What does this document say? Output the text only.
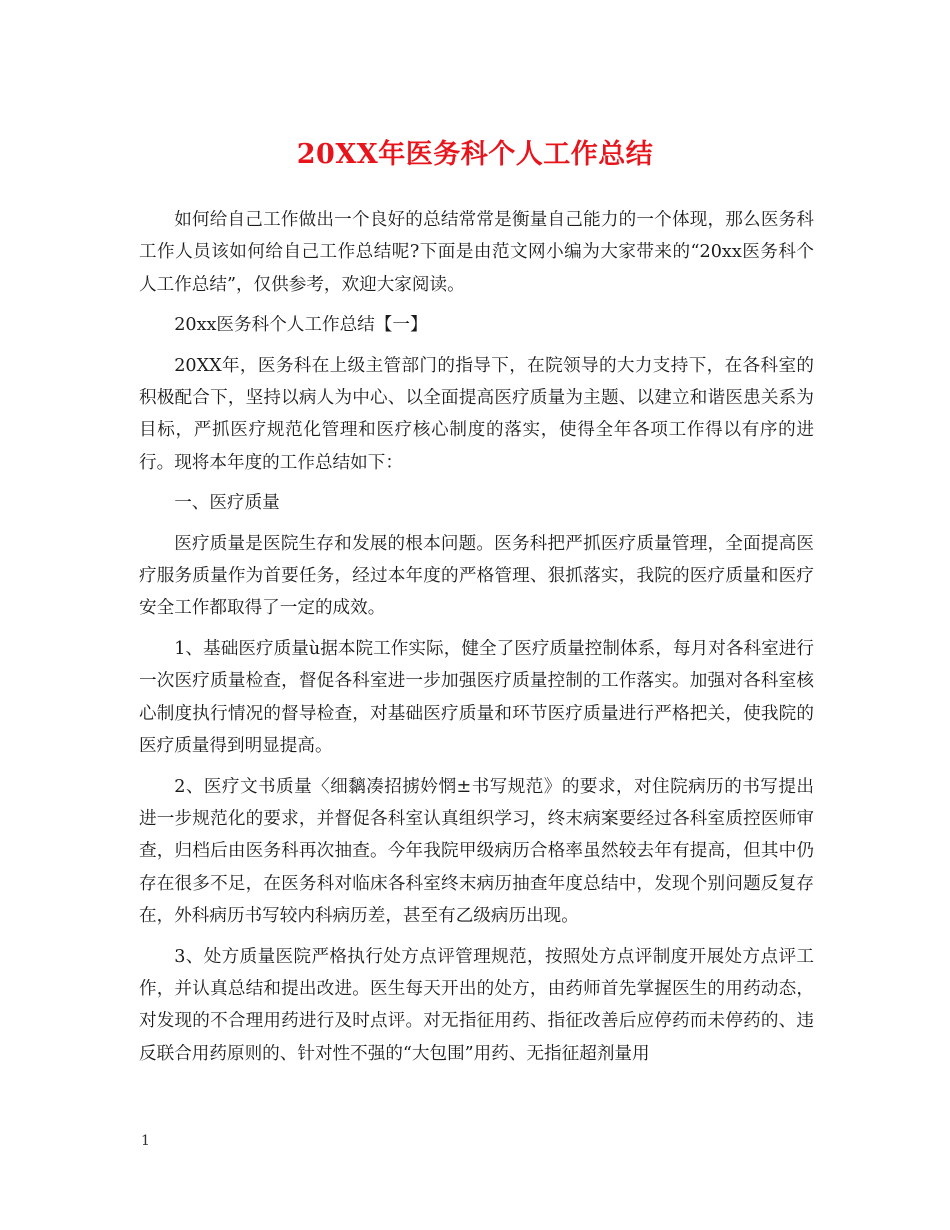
20XX年医务科个人工作总结

如何给自己工作做出一个良好的总结常常是衡量自己能力的一个体现，那么医务科工作人员该如何给自己工作总结呢?下面是由范文网小编为大家带来的“20xx医务科个人工作总结”，仅供参考，欢迎大家阅读。

20xx医务科个人工作总结【一】

20XX年，医务科在上级主管部门的指导下，在院领导的大力支持下，在各科室的积极配合下，坚持以病人为中心、以全面提高医疗质量为主题、以建立和谐医患关系为目标，严抓医疗规范化管理和医疗核心制度的落实，使得全年各项工作得以有序的进行。现将本年度的工作总结如下：

一、医疗质量

医疗质量是医院生存和发展的根本问题。医务科把严抓医疗质量管理，全面提高医疗服务质量作为首要任务，经过本年度的严格管理、狠抓落实，我院的医疗质量和医疗安全工作都取得了一定的成效。

1、基础医疗质量ù据本院工作实际，健全了医疗质量控制体系，每月对各科室进行一次医疗质量检查，督促各科室进一步加强医疗质量控制的工作落实。加强对各科室核心制度执行情况的督导检查，对基础医疗质量和环节医疗质量进行严格把关，使我院的医疗质量得到明显提高。

2、医疗文书质量〈细黐凑招掳妗惘±书写规范》的要求，对住院病历的书写提出进一步规范化的要求，并督促各科室认真组织学习，终末病案要经过各科室质控医师审查，归档后由医务科再次抽查。今年我院甲级病历合格率虽然较去年有提高，但其中仍存在很多不足，在医务科对临床各科室终末病历抽查年度总结中，发现个别问题反复存在，外科病历书写较内科病历差，甚至有乙级病历出现。

3、处方质量医院严格执行处方点评管理规范，按照处方点评制度开展处方点评工作，并认真总结和提出改进。医生每天开出的处方，由药师首先掌握医生的用药动态，对发现的不合理用药进行及时点评。对无指征用药、指征改善后应停药而未停药的、违反联合用药原则的、针对性不强的“大包围”用药、无指征超剂量用

1
